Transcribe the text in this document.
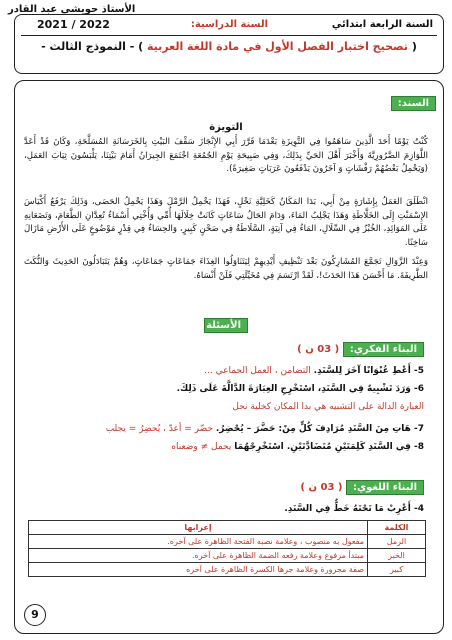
الأستاذ حويشي عبد القادر
السنة الرابعة ابتدائي
السنة الدراسية:
2021 / 2022
( تصحيح اختبار الفصل الأول في مادة اللغة العربية ) - النموذج الثالث -
السند:
التويزة
كُنْتُ يَوْمًا أَحَدَ الَّذِينَ سَاهَمُوا فِي التَّوِيزَةِ بَعْدَمَا قَرَّرَ أَبِي الإِنْجَازَ سَقْفَ البَيْتِ بِالخَرَسَانَةِ المُسَلَّحَةِ، وَكَانَ قَدْ أَعَدَّ اللَّوَازِمَ الضَّرُورِيَّةَ وَأَخْبَرَ أَهْلَ الحَيِّ بِذَلِكَ، وَفِي صَبِيحَةِ يَوْمِ الجُمُعَةِ اجْتَمَعَ الجِيرَانُ أَمَامَ بَيْتِنَا، يَلْبَسُونَ ثِيَابَ العَمَلِ، (وَيَحْمِلُ بَعْضُهُمْ رَفْشَاتٍ وَ آخَرُونَ يَدْفَعُونَ عَرَبَاتٍ صَغِيرَةً).
انْطَلَقَ العَمَلُ بِإِشَارَةٍ مِنْ أَبِي، بَدَا المَكَانُ كَخَلِيَّةِ نَحْلٍ، فَهَذَا يَحْمِلُ الرَّمْلَ وَهَذَا يَحْمِلُ الحَصَى، وَذَلِكَ يَرْفَعُ أَكْيَاسَ الإِسْمَنْتِ إِلَى الخَلَّاطَةِ وَهَذَا يَجْلِبُ المَاءَ، وَدَامَ الحَالُ سَاعَاتٍ كَانَتْ خِلَالَهَا أُمِّي وَأُخْتِي أَسْمَاءُ تُعِدَّانِ الطَّعَامَ، وَتَضَعَانِهِ عَلَى المَوَائِدِ، الخُبْزُ فِي السِّلَالِ، المَاءُ فِي آنِيَةٍ، السَّلَاطَةُ فِي صَحْنٍ كَبِيرٍ، وَالحِسَاءُ فِي قِدْرٍ مَوْضُوعٍ عَلَى الأَرْضِ مَازَالَ سَاخِنًا.
وَعِنْدَ الزَّوَالِ تَجَمَّعَ المُشَارِكُونَ بَعْدَ تَنْظِيفِ أَيْدِيهِمْ لِيَتَنَاوَلُوا الغِذَاءَ جَمَاعَاتٍ جَمَاعَاتٍ، وَهُمْ يَتَبَادَلُونَ الحَدِيثَ وَالنُّكَتَ الطَّرِيفَةَ. مَا أَحْسَنَ هَذَا الحَدَثَ!، لَقَدْ ارْتَسَمَ فِي مُخَيِّلَتِي فَلَنْ أَنْسَاهُ.
الأسئلة
البناء الفكري: ( 03 ن )
5- أَعْطِ عُنْوَانًا آخَرَ لِلسَّنَدِ. التضامن ، العمل الجماعي ...
6- وَرَدَ تَشْبِيهٌ فِي السَّنَدِ، اسْتَخْرِجِ العِبَارَةَ الدَّالَّةَ عَلَى ذَلِكَ.
العبارة الدالة على التشبيه هي بدا المكان كخلية نحل
7- هَاتِ مِنَ السَّنَدِ مُرَادِفَ كُلٍّ مِنْ: حَضَّرَ – يُحْضِرُ. حضّر = أعدّ ، يُحضِرُ = يجلب
8- فِي السَّنَدِ كَلِمَتَيْنِ مُتَضَادَّتَيْنِ. اسْتَخْرِجْهُمَا يحمل ≠ وضعناه
البناء اللغوي: ( 03 ن )
4- أَعْرِبْ مَا تَحْتَهُ خَطٌّ فِي السَّنَدِ.
الكلمة	إعرابها
الرمل	مفعول به منصوب ، وعلامة نصبه الفتحة الظاهرة على آخره.
الخبز	مبتدأ مرفوع وعلامة رفعه الضمة الظاهرة على آخره.
كبير	صفة مجرورة وعلامة جرها الكسرة الظاهرة على آخره
9
